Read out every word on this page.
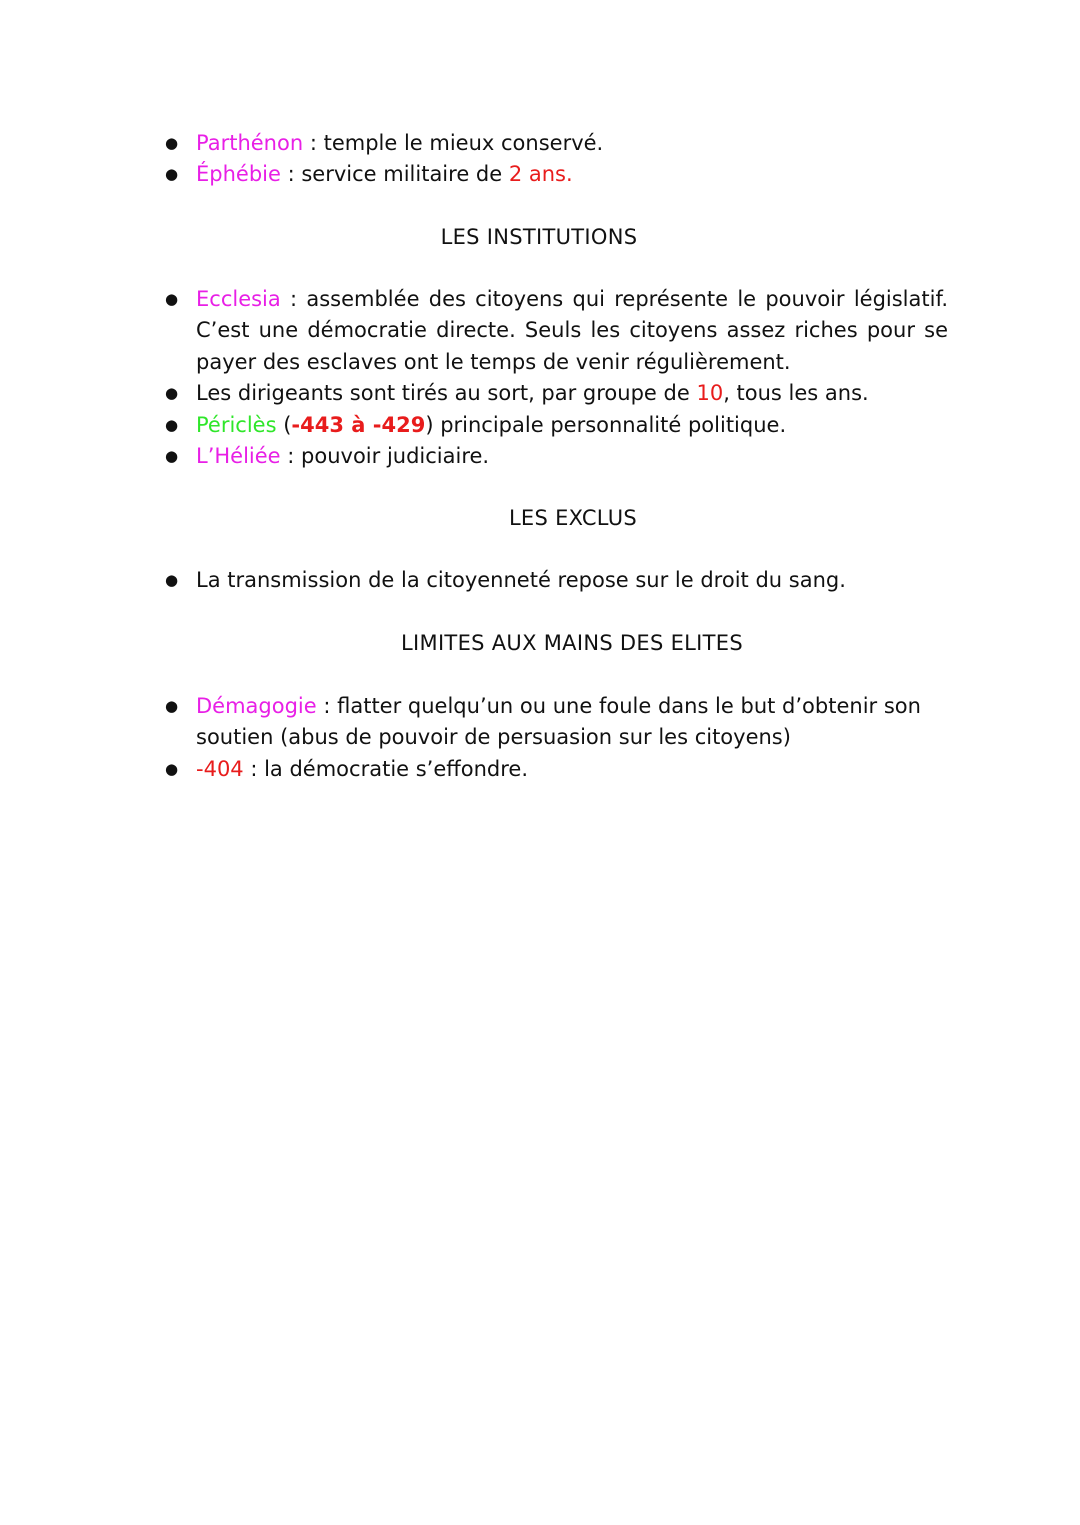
● Parthénon : temple le mieux conservé.
● Éphébie : service militaire de 2 ans.
LES INSTITUTIONS
● Ecclesia : assemblée des citoyens qui représente le pouvoir législatif. C’est une démocratie directe. Seuls les citoyens assez riches pour se payer des esclaves ont le temps de venir régulièrement.
● Les dirigeants sont tirés au sort, par groupe de 10, tous les ans.
● Périclès (-443 à -429) principale personnalité politique.
● L’Héliée : pouvoir judiciaire.
LES EXCLUS
● La transmission de la citoyenneté repose sur le droit du sang.
LIMITES AUX MAINS DES ELITES
● Démagogie : flatter quelqu’un ou une foule dans le but d’obtenir son soutien (abus de pouvoir de persuasion sur les citoyens)
● -404 : la démocratie s’effondre.
